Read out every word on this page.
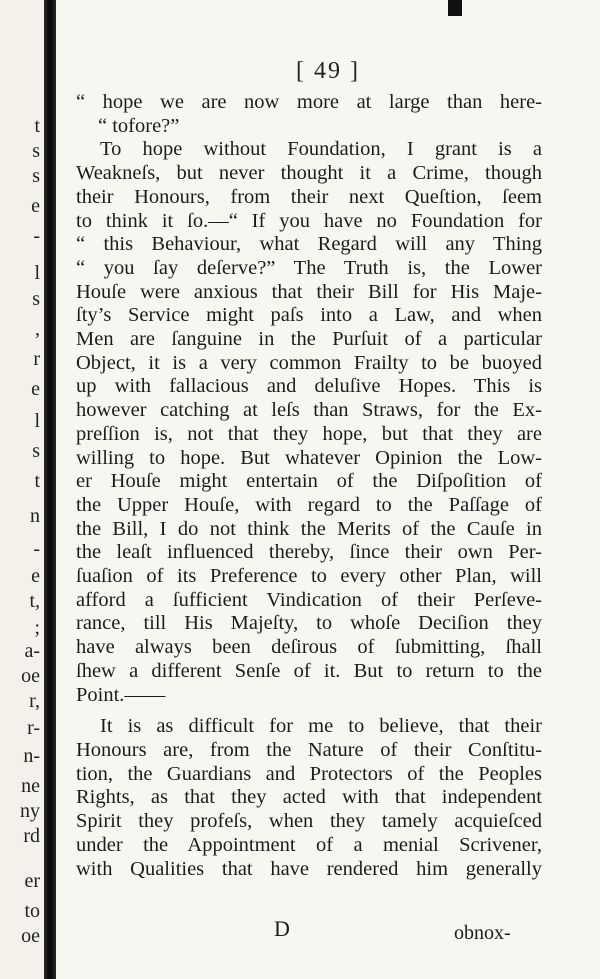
t
s
s
e
-
l
s
,
r
e
l
s
t
n
-
e
t,
;
a-
oe
r,
r-
n-
ne
ny
rd
er
to
oe
[ 49 ]
“ hope we are now more at large than here-
“ tofore?”
To hope without Foundation, I grant is a
Weakneſs, but never thought it a Crime, though
their Honours, from their next Queſtion, ſeem
to think it ſo.—“ If you have no Foundation for
“ this Behaviour, what Regard will any Thing
“ you ſay deſerve?” The Truth is, the Lower
Houſe were anxious that their Bill for His Maje-
ſty’s Service might paſs into a Law, and when
Men are ſanguine in the Purſuit of a particular
Object, it is a very common Frailty to be buoyed
up with fallacious and deluſive Hopes. This is
however catching at leſs than Straws, for the Ex-
preſſion is, not that they hope, but that they are
willing to hope. But whatever Opinion the Low-
er Houſe might entertain of the Diſpoſition of
the Upper Houſe, with regard to the Paſſage of
the Bill, I do not think the Merits of the Cauſe in
the leaſt influenced thereby, ſince their own Per-
ſuaſion of its Preference to every other Plan, will
afford a ſufficient Vindication of their Perſeve-
rance, till His Majeſty, to whoſe Deciſion they
have always been deſirous of ſubmitting, ſhall
ſhew a different Senſe of it. But to return to the
Point.——
It is as difficult for me to believe, that their
Honours are, from the Nature of their Conſtitu-
tion, the Guardians and Protectors of the Peoples
Rights, as that they acted with that independent
Spirit they profeſs, when they tamely acquieſced
under the Appointment of a menial Scrivener,
with Qualities that have rendered him generally
D	obnox-
